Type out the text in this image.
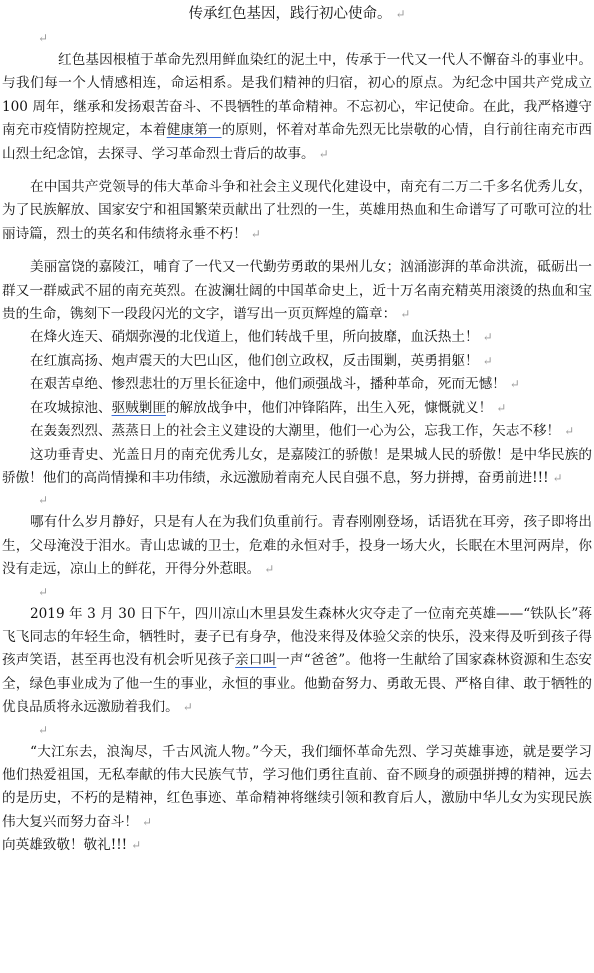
传承红色基因，践行初心使命。 ↵
↵

红色基因根植于革命先烈用鲜血染红的泥土中，传承于一代又一代人不懈奋斗的事业中。与我们每一个人情感相连，命运相系。是我们精神的归宿，初心的原点。为纪念中国共产党成立 100 周年，继承和发扬艰苦奋斗、不畏牺牲的革命精神。不忘初心，牢记使命。在此，我严格遵守南充市疫情防控规定，本着健康第一的原则，怀着对革命先烈无比崇敬的心情，自行前往南充市西山烈士纪念馆，去探寻、学习革命烈士背后的故事。 ↵

在中国共产党领导的伟大革命斗争和社会主义现代化建设中，南充有二万二千多名优秀儿女，为了民族解放、国家安宁和祖国繁荣贡献出了壮烈的一生，英雄用热血和生命谱写了可歌可泣的壮丽诗篇，烈士的英名和伟绩将永垂不朽！ ↵

美丽富饶的嘉陵江，哺育了一代又一代勤劳勇敢的果州儿女；汹涌澎湃的革命洪流，砥砺出一群又一群威武不屈的南充英烈。在波澜壮阔的中国革命史上，近十万名南充精英用滚烫的热血和宝贵的生命，镌刻下一段段闪光的文字，谱写出一页页辉煌的篇章： ↵

在烽火连天、硝烟弥漫的北伐道上，他们转战千里，所向披靡，血沃热土！ ↵

在红旗高扬、炮声震天的大巴山区，他们创立政权，反击围剿，英勇捐躯！ ↵

在艰苦卓绝、惨烈悲壮的万里长征途中，他们顽强战斗，播种革命，死而无憾！ ↵

在攻城掠池、驱贼剿匪的解放战争中，他们冲锋陷阵，出生入死，慷慨就义！ ↵

在轰轰烈烈、蒸蒸日上的社会主义建设的大潮里，他们一心为公，忘我工作，矢志不移！ ↵

这功垂青史、光盖日月的南充优秀儿女，是嘉陵江的骄傲！是果城人民的骄傲！是中华民族的骄傲！他们的高尚情操和丰功伟绩，永远激励着南充人民自强不息，努力拼搏，奋勇前进!!! ↵

↵

哪有什么岁月静好，只是有人在为我们负重前行。青春刚刚登场，话语犹在耳旁，孩子即将出生，父母淹没于泪水。青山忠诚的卫士，危难的永恒对手，投身一场大火，长眠在木里河两岸，你没有走远，凉山上的鲜花，开得分外惹眼。 ↵

↵

2019 年 3 月 30 日下午，四川凉山木里县发生森林火灾夺走了一位南充英雄——“铁队长”蒋飞飞同志的年轻生命，牺牲时，妻子已有身孕，他没来得及体验父亲的快乐，没来得及听到孩子得孩声笑语，甚至再也没有机会听见孩子亲口叫一声“爸爸”。他将一生献给了国家森林资源和生态安全，绿色事业成为了他一生的事业，永恒的事业。他勤奋努力、勇敢无畏、严格自律、敢于牺牲的优良品质将永远激励着我们。 ↵

↵

“大江东去，浪淘尽，千古风流人物。”今天，我们缅怀革命先烈、学习英雄事迹，就是要学习他们热爱祖国，无私奉献的伟大民族气节，学习他们勇往直前、奋不顾身的顽强拼搏的精神，远去的是历史，不朽的是精神，红色事迹、革命精神将继续引领和教育后人，激励中华儿女为实现民族伟大复兴而努力奋斗！ ↵

向英雄致敬！敬礼!!! ↵
